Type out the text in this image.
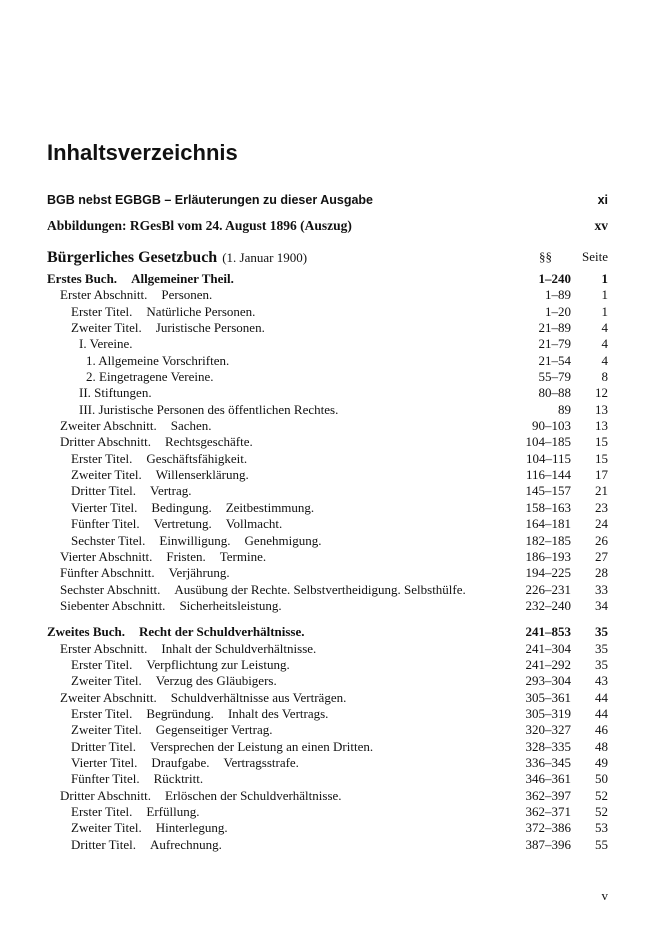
Inhaltsverzeichnis
BGB nebst EGBGB – Erläuterungen zu dieser Ausgabe	xi
Abbildungen: RGesBl vom 24. August 1896 (Auszug)	xv
Bürgerliches Gesetzbuch (1. Januar 1900)	§§ Seite
Erstes Buch. Allgemeiner Theil.	1–240 1
Erster Abschnitt. Personen.	1–89 1
Erster Titel. Natürliche Personen.	1–20 1
Zweiter Titel. Juristische Personen.	21–89 4
I. Vereine.	21–79 4
1. Allgemeine Vorschriften.	21–54 4
2. Eingetragene Vereine.	55–79 8
II. Stiftungen.	80–88 12
III. Juristische Personen des öffentlichen Rechtes.	89 13
Zweiter Abschnitt. Sachen.	90–103 13
Dritter Abschnitt. Rechtsgeschäfte.	104–185 15
Erster Titel. Geschäftsfähigkeit.	104–115 15
Zweiter Titel. Willenserklärung.	116–144 17
Dritter Titel. Vertrag.	145–157 21
Vierter Titel. Bedingung. Zeitbestimmung.	158–163 23
Fünfter Titel. Vertretung. Vollmacht.	164–181 24
Sechster Titel. Einwilligung. Genehmigung.	182–185 26
Vierter Abschnitt. Fristen. Termine.	186–193 27
Fünfter Abschnitt. Verjährung.	194–225 28
Sechster Abschnitt. Ausübung der Rechte. Selbstvertheidigung. Selbsthülfe.	226–231 33
Siebenter Abschnitt. Sicherheitsleistung.	232–240 34
Zweites Buch. Recht der Schuldverhältnisse.	241–853 35
Erster Abschnitt. Inhalt der Schuldverhältnisse.	241–304 35
Erster Titel. Verpflichtung zur Leistung.	241–292 35
Zweiter Titel. Verzug des Gläubigers.	293–304 43
Zweiter Abschnitt. Schuldverhältnisse aus Verträgen.	305–361 44
Erster Titel. Begründung. Inhalt des Vertrags.	305–319 44
Zweiter Titel. Gegenseitiger Vertrag.	320–327 46
Dritter Titel. Versprechen der Leistung an einen Dritten.	328–335 48
Vierter Titel. Draufgabe. Vertragsstrafe.	336–345 49
Fünfter Titel. Rücktritt.	346–361 50
Dritter Abschnitt. Erlöschen der Schuldverhältnisse.	362–397 52
Erster Titel. Erfüllung.	362–371 52
Zweiter Titel. Hinterlegung.	372–386 53
Dritter Titel. Aufrechnung.	387–396 55
v
